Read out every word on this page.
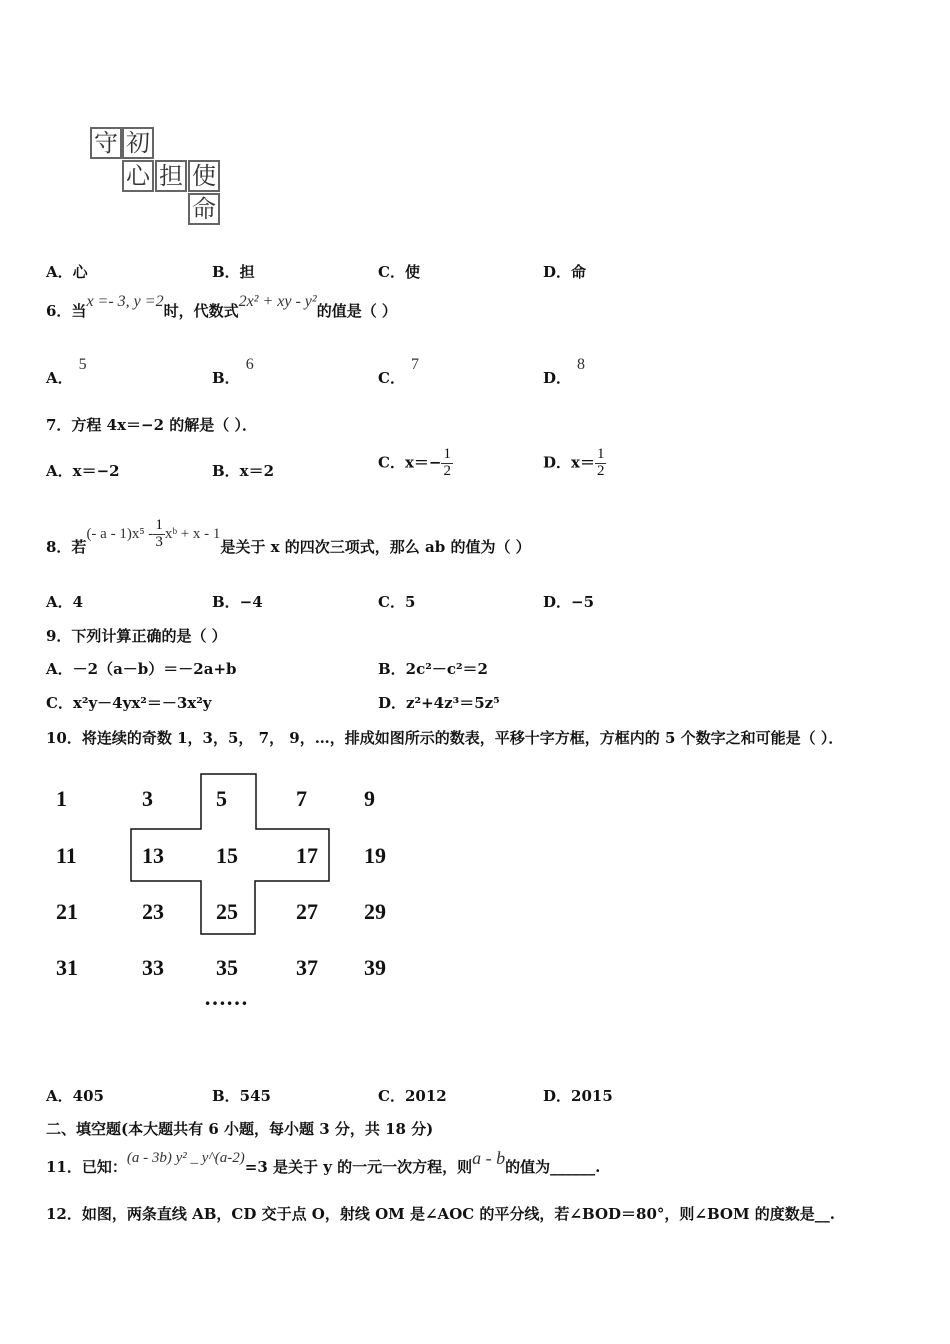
守 初
心 担 使
命
A．心	B．担	C．使	D．命
6．当x =- 3, y =2时，代数式2x² + xy - y²的值是（ ）
A．5
B．6
C．7
D．8
7．方程 4x＝−2 的解是（ ）．
A．x＝−2	B．x＝2	C．$x=- \frac{1}{2}$	D．$x= \frac{1}{2}$
8．若(- a - $1)x^5 - \frac{1}{3}$ xᵇ + x - 1是关于 x 的四次三项式，那么 ab 的值为（ ）
A．4	B．−4	C．5	D．−5
9．下列计算正确的是（ ）
A．－2（a－b）＝－2a+b	B．2c²－c²＝2
C．x²y－4yx²＝－3x²y	D．z²+4z³＝5z⁵
10．将连续的奇数 1，3，5， 7， 9，…，排成如图所示的数表，平移十字方框，方框内的 5 个数字之和可能是（ ）．
1	3	5	7	9
11	13 15	17 19
21	23 25	27 29
31	33 35	37 39
……
A．405	B．545	C．2012	D．2015
二、填空题(本大题共有 6 小题，每小题 3 分，共 18 分)
11．已知：(a - 3b) y² _ y^(a-2)=3 是关于 y 的一元一次方程，则a - b的值为______.
12．如图，两条直线 AB，CD 交于点 O，射线 OM 是∠AOC 的平分线，若∠BOD＝80°，则∠BOM 的度数是__.
